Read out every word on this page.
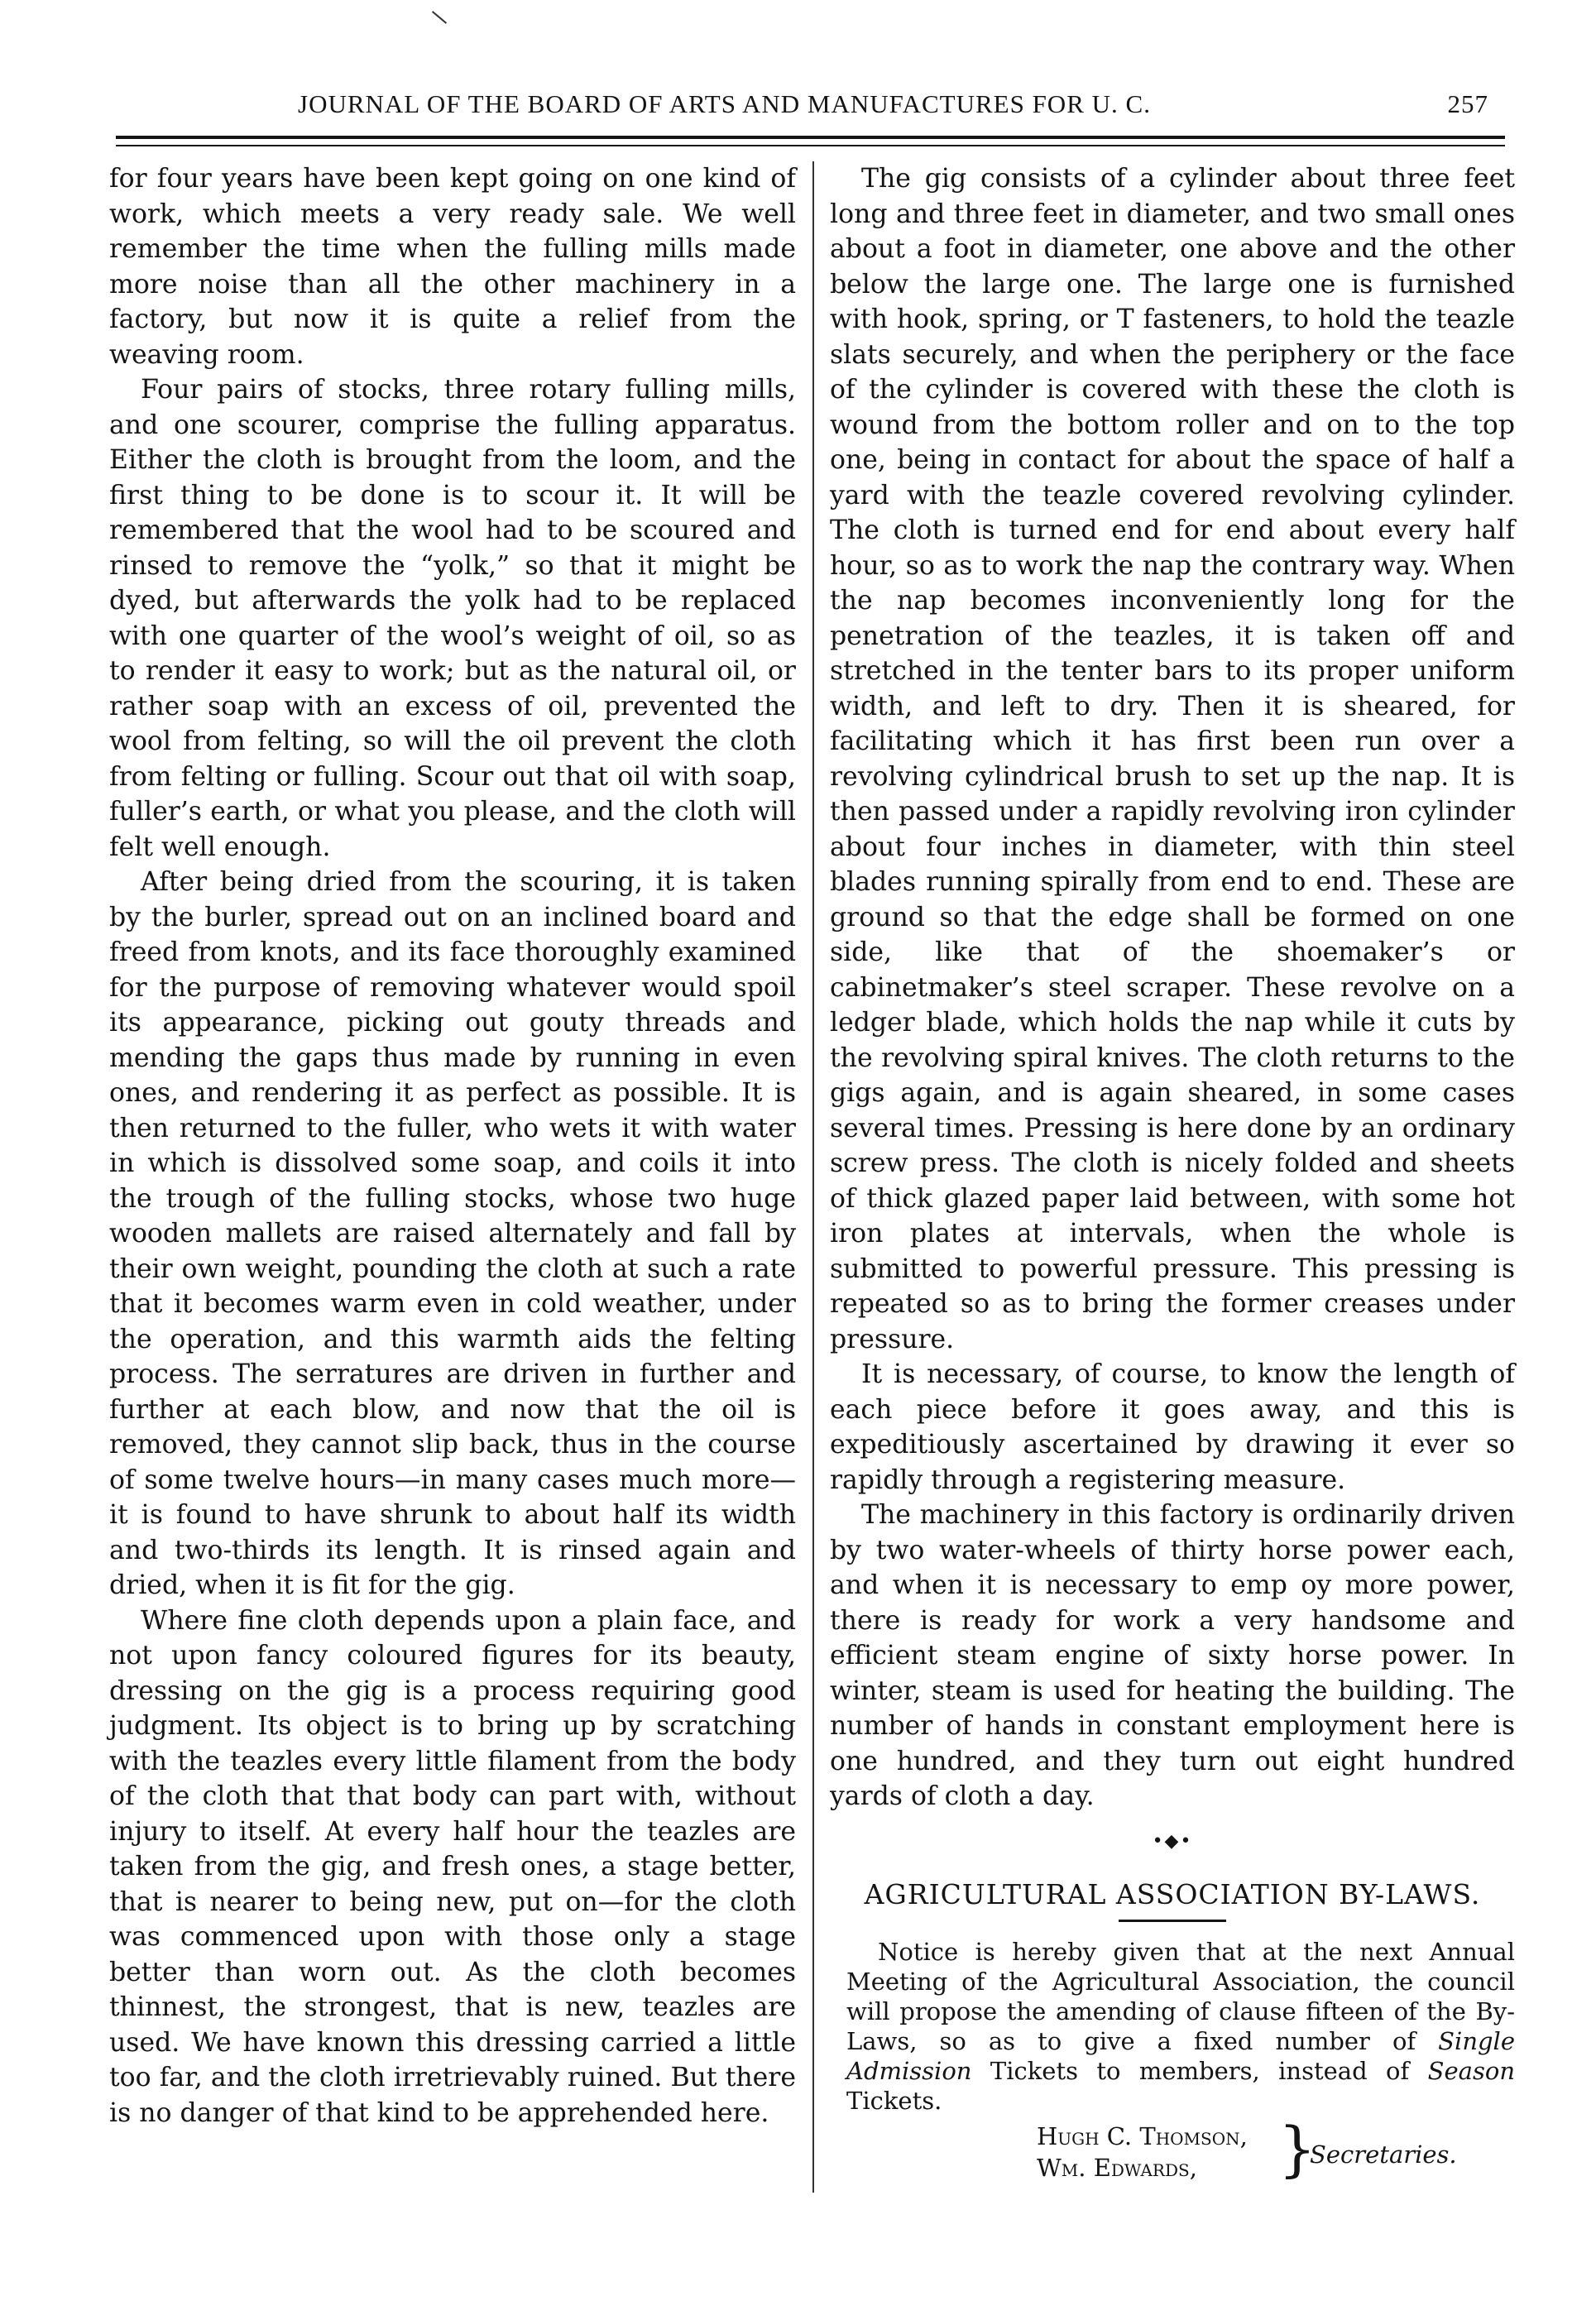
JOURNAL OF THE BOARD OF ARTS AND MANUFACTURES FOR U. C.	257

for four years have been kept going on one kind of work, which meets a very ready sale. We well remember the time when the fulling mills made more noise than all the other machinery in a factory, but now it is quite a relief from the weaving room.

Four pairs of stocks, three rotary fulling mills, and one scourer, comprise the fulling apparatus. Either the cloth is brought from the loom, and the first thing to be done is to scour it. It will be remembered that the wool had to be scoured and rinsed to remove the “yolk,” so that it might be dyed, but afterwards the yolk had to be replaced with one quarter of the wool’s weight of oil, so as to render it easy to work; but as the natural oil, or rather soap with an excess of oil, prevented the wool from felting, so will the oil prevent the cloth from felting or fulling. Scour out that oil with soap, fuller’s earth, or what you please, and the cloth will felt well enough.

After being dried from the scouring, it is taken by the burler, spread out on an inclined board and freed from knots, and its face thoroughly examined for the purpose of removing whatever would spoil its appearance, picking out gouty threads and mending the gaps thus made by running in even ones, and rendering it as perfect as possible. It is then returned to the fuller, who wets it with water in which is dissolved some soap, and coils it into the trough of the fulling stocks, whose two huge wooden mallets are raised alternately and fall by their own weight, pounding the cloth at such a rate that it becomes warm even in cold weather, under the operation, and this warmth aids the felting process. The serratures are driven in further and further at each blow, and now that the oil is removed, they cannot slip back, thus in the course of some twelve hours—in many cases much more—it is found to have shrunk to about half its width and two-thirds its length. It is rinsed again and dried, when it is fit for the gig.

Where fine cloth depends upon a plain face, and not upon fancy coloured figures for its beauty, dressing on the gig is a process requiring good judgment. Its object is to bring up by scratching with the teazles every little filament from the body of the cloth that that body can part with, without injury to itself. At every half hour the teazles are taken from the gig, and fresh ones, a stage better, that is nearer to being new, put on—for the cloth was commenced upon with those only a stage better than worn out. As the cloth becomes thinnest, the strongest, that is new, teazles are used. We have known this dressing carried a little too far, and the cloth irretrievably ruined. But there is no danger of that kind to be apprehended here.

The gig consists of a cylinder about three feet long and three feet in diameter, and two small ones about a foot in diameter, one above and the other below the large one. The large one is furnished with hook, spring, or T fasteners, to hold the teazle slats securely, and when the periphery or the face of the cylinder is covered with these the cloth is wound from the bottom roller and on to the top one, being in contact for about the space of half a yard with the teazle covered revolving cylinder. The cloth is turned end for end about every half hour, so as to work the nap the contrary way. When the nap becomes inconveniently long for the penetration of the teazles, it is taken off and stretched in the tenter bars to its proper uniform width, and left to dry. Then it is sheared, for facilitating which it has first been run over a revolving cylindrical brush to set up the nap. It is then passed under a rapidly revolving iron cylinder about four inches in diameter, with thin steel blades running spirally from end to end. These are ground so that the edge shall be formed on one side, like that of the shoemaker’s or cabinetmaker’s steel scraper. These revolve on a ledger blade, which holds the nap while it cuts by the revolving spiral knives. The cloth returns to the gigs again, and is again sheared, in some cases several times. Pressing is here done by an ordinary screw press. The cloth is nicely folded and sheets of thick glazed paper laid between, with some hot iron plates at intervals, when the whole is submitted to powerful pressure. This pressing is repeated so as to bring the former creases under pressure.

It is necessary, of course, to know the length of each piece before it goes away, and this is expeditiously ascertained by drawing it ever so rapidly through a registering measure.

The machinery in this factory is ordinarily driven by two water-wheels of thirty horse power each, and when it is necessary to emp oy more power, there is ready for work a very handsome and efficient steam engine of sixty horse power. In winter, steam is used for heating the building. The number of hands in constant employment here is one hundred, and they turn out eight hundred yards of cloth a day.

•◆•
AGRICULTURAL ASSOCIATION BY-LAWS.

Notice is hereby given that at the next Annual Meeting of the Agricultural Association, the council will propose the amending of clause fifteen of the By-Laws, so as to give a fixed number of Single Admission Tickets to members, instead of Season Tickets.

Hugh C. Thomson,
Wm. Edwards,	}
Secretaries.
